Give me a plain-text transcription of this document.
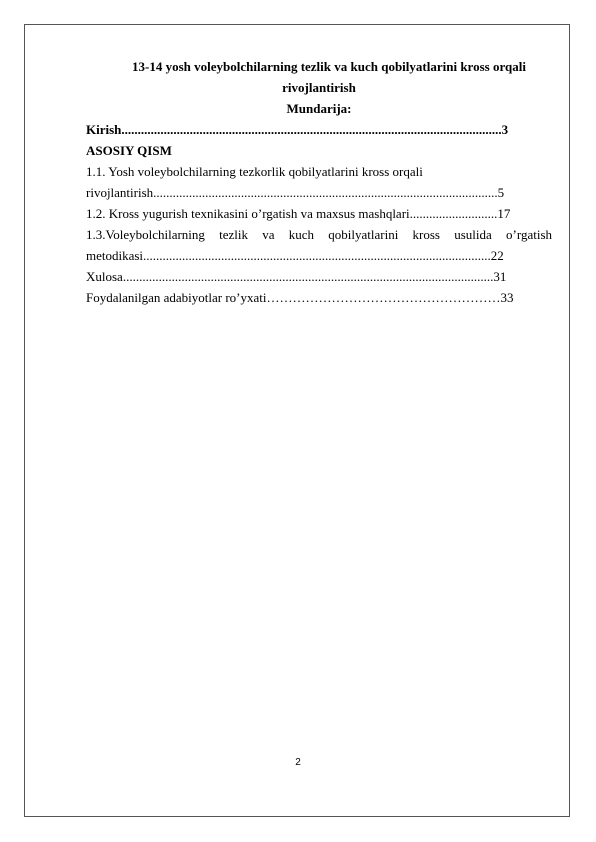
13-14 yosh voleybolchilarning tezlik va kuch qobilyatlarini kross orqali
rivojlantirish
Mundarija:
Kirish.....................................................................................................................3
ASOSIY QISM
1.1. Yosh voleybolchilarning tezkorlik qobilyatlarini kross orqali
rivojlantirish..........................................................................................................5
1.2. Kross yugurish texnikasini o’rgatish va maxsus mashqlari...........................17
1.3.Voleybolchilarning tezlik va kuch qobilyatlarini kross usulida o’rgatish
metodikasi...........................................................................................................22
Xulosa..................................................................................................................31
Foydalanilgan adabiyotlar ro’yxati………………………………………………33
2
